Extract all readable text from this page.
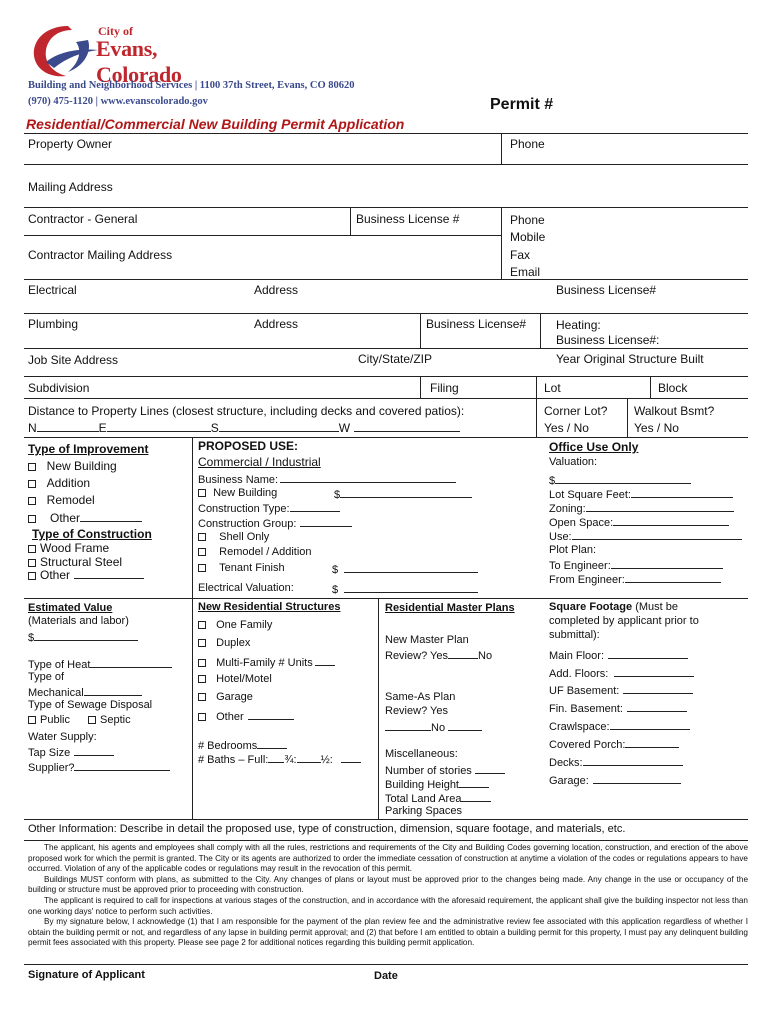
City of
Evans, Colorado
Building and Neighborhood Services | 1100 37th Street, Evans, CO 80620
(970) 475-1120 | www.evanscolorado.gov	Permit #
Residential/Commercial New Building Permit Application
Property Owner	Phone
Mailing Address
Contractor - General	Business License #	Phone
Mobile
Contractor Mailing Address	Fax
Email
Electrical	Address	Business License#
Plumbing	Address	Business License# Heating:
Business License#:
Job Site Address	City/State/ZIP	Year Original Structure Built
Subdivision	Filing	Lot	Block
Distance to Property Lines (closest structure, including decks and covered patios):
N	E	S	W
Corner Lot?
Yes / No
Walkout Bsmt?
Yes / No
Type of Improvement
New Building
Addition
Remodel
Other
Type of Construction
Wood Frame
Structural Steel
Other
PROPOSED USE:
Commercial / Industrial
Business Name:
New Building	$
Construction Type:
Construction Group:
Shell Only
Remodel / Addition
Tenant Finish	$
Electrical Valuation:	$
Office Use Only
Valuation:
$
Lot Square Feet:
Zoning:
Open Space:
Use:
Plot Plan:
To Engineer:
From Engineer:
Estimated Value
(Materials and labor)
$
Type of Heat
Type of
Mechanical
Type of Sewage Disposal
Public	Septic
Water Supply:
Tap Size
Supplier?
New Residential Structures
One Family
Duplex
Multi-Family # Units
Hotel/Motel
Garage
Other
# Bedrooms
# Baths – Full: ¾: ½:
Residential Master Plans
New Master Plan
Review? Yes	No
Same-As Plan
Review? Yes
No
Miscellaneous:
Number of stories
Building Height
Total Land Area
Parking Spaces
Square Footage (Must be
completed by applicant prior to
submittal):
Main Floor:
Add. Floors:
UF Basement:
Fin. Basement:
Crawlspace:
Covered Porch:
Decks:
Garage:
Other Information: Describe in detail the proposed use, type of construction, dimension, square footage, and materials, etc.
The applicant, his agents and employees shall comply with all the rules, restrictions and requirements of the City and Building Codes governing location, construction, and erection of the above proposed work for which the permit is granted. The City or its agents are authorized to order the immediate cessation of construction at anytime a violation of the codes or regulations appears to have occurred. Violation of any of the applicable codes or regulations may result in the revocation of this permit.
Buildings MUST conform with plans, as submitted to the City. Any changes of plans or layout must be approved prior to the changes being made. Any change in the use or occupancy of the building or structure must be approved prior to proceeding with construction.
The applicant is required to call for inspections at various stages of the construction, and in accordance with the aforesaid requirement, the applicant shall give the building inspector not less than one working days' notice to perform such activities.
By my signature below, I acknowledge (1) that I am responsible for the payment of the plan review fee and the administrative review fee associated with this application regardless of whether I obtain the building permit or not, and regardless of any lapse in building permit approval; and (2) that before I am entitled to obtain a building permit for this property, I must pay any delinquent building permit fees associated with this property. Please see page 2 for additional notices regarding this building permit application.
Signature of Applicant	Date
